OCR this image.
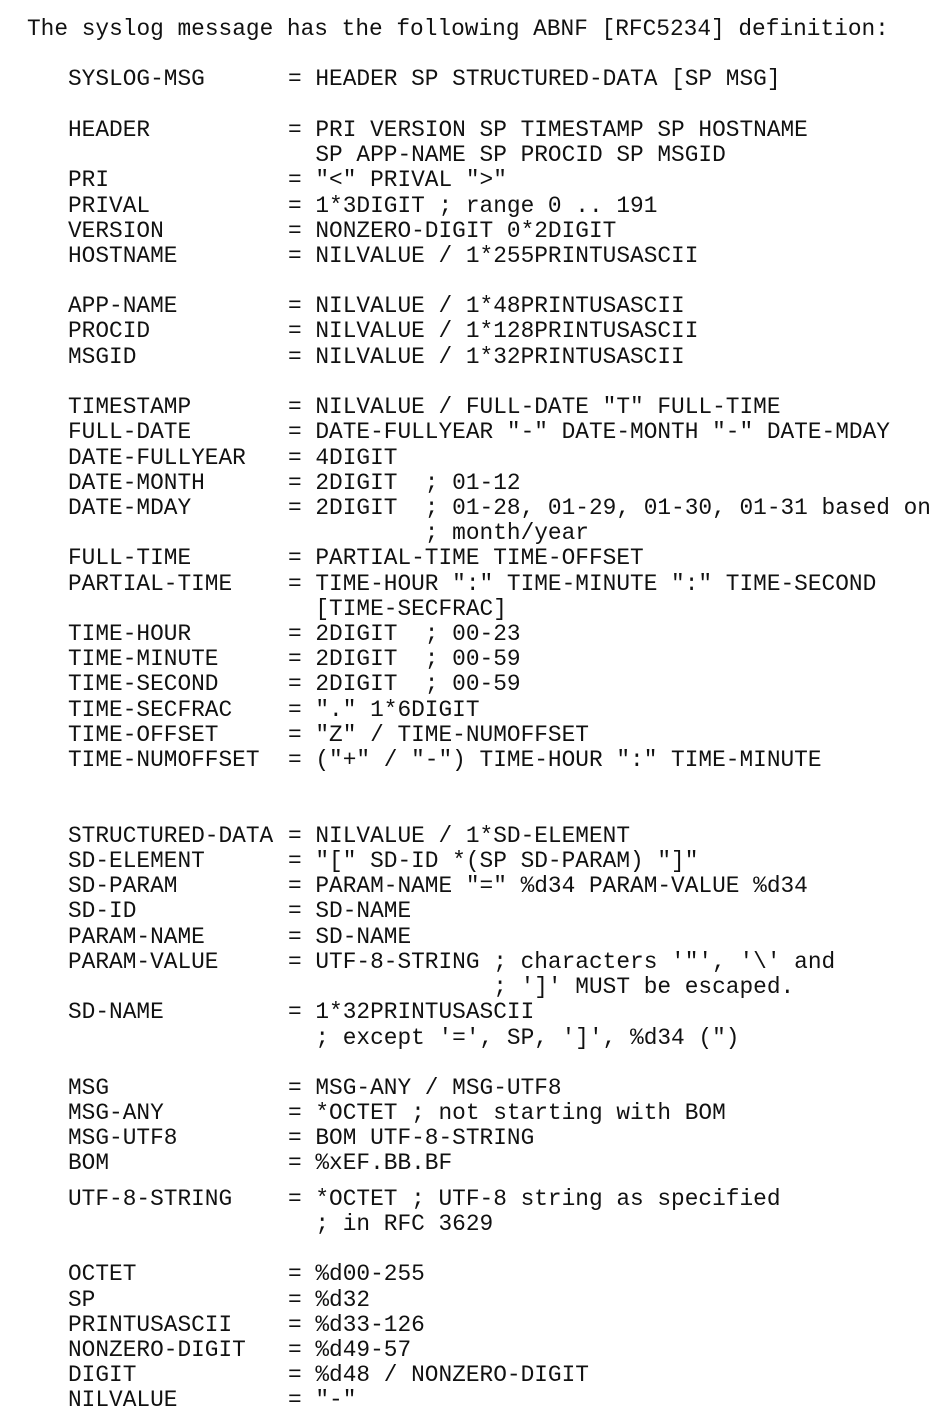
The syslog message has the following ABNF [RFC5234] definition:
SYSLOG-MSG	= HEADER SP STRUCTURED-DATA [SP MSG]
HEADER	= PRI VERSION SP TIMESTAMP SP HOSTNAME
SP APP-NAME SP PROCID SP MSGID
PRI	= "<" PRIVAL ">"
PRIVAL	= 1*3DIGIT ; range 0 .. 191
VERSION	= NONZERO-DIGIT 0*2DIGIT
HOSTNAME	= NILVALUE / 1*255PRINTUSASCII
APP-NAME	= NILVALUE / 1*48PRINTUSASCII
PROCID	= NILVALUE / 1*128PRINTUSASCII
MSGID	= NILVALUE / 1*32PRINTUSASCII
TIMESTAMP	= NILVALUE / FULL-DATE "T" FULL-TIME
FULL-DATE	= DATE-FULLYEAR "-" DATE-MONTH "-" DATE-MDAY
DATE-FULLYEAR = 4DIGIT
DATE-MONTH	= 2DIGIT  ; 01-12
DATE-MDAY	= 2DIGIT  ; 01-28, 01-29, 01-30, 01-31 based on
; month/year
FULL-TIME	= PARTIAL-TIME TIME-OFFSET
PARTIAL-TIME = TIME-HOUR ":" TIME-MINUTE ":" TIME-SECOND
[TIME-SECFRAC]
TIME-HOUR	= 2DIGIT  ; 00-23
TIME-MINUTE	= 2DIGIT  ; 00-59
TIME-SECOND	= 2DIGIT  ; 00-59
TIME-SECFRAC = "." 1*6DIGIT
TIME-OFFSET	= "Z" / TIME-NUMOFFSET
TIME-NUMOFFSET = ("+" / "-") TIME-HOUR ":" TIME-MINUTE
STRUCTURED-DATA = NILVALUE / 1*SD-ELEMENT
SD-ELEMENT	= "[" SD-ID *(SP SD-PARAM) "]"
SD-PARAM	= PARAM-NAME "=" %d34 PARAM-VALUE %d34
SD-ID	= SD-NAME
PARAM-NAME	= SD-NAME
PARAM-VALUE	= UTF-8-STRING ; characters '"', '\' and
; ']' MUST be escaped.
SD-NAME	= 1*32PRINTUSASCII
; except '=', SP, ']', %d34 (")
MSG	= MSG-ANY / MSG-UTF8
MSG-ANY	= *OCTET ; not starting with BOM
MSG-UTF8	= BOM UTF-8-STRING
BOM	= %xEF.BB.BF
UTF-8-STRING = *OCTET ; UTF-8 string as specified
; in RFC 3629
OCTET	= %d00-255
SP	= %d32
PRINTUSASCII = %d33-126
NONZERO-DIGIT = %d49-57
DIGIT	= %d48 / NONZERO-DIGIT
NILVALUE	= "-"
